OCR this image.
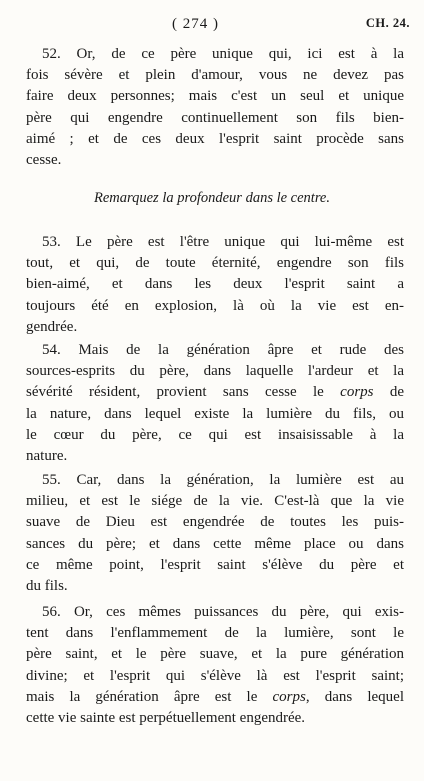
( 274 )	CH. 24.
52. Or, de ce père unique qui, ici est à la
fois sévère et plein d'amour, vous ne devez pas
faire deux personnes; mais c'est un seul et unique
père qui engendre continuellement son fils bien-
aimé ; et de ces deux l'esprit saint procède sans
cesse.
Remarquez la profondeur dans le centre.
53. Le père est l'être unique qui lui-même est
tout, et qui, de toute éternité, engendre son fils
bien-aimé, et dans les deux l'esprit saint a
toujours été en explosion, là où la vie est en-
gendrée.
54. Mais de la génération âpre et rude des
sources-esprits du père, dans laquelle l'ardeur et la
sévérité résident, provient sans cesse le corps de
la nature, dans lequel existe la lumière du fils, ou
le cœur du père, ce qui est insaisissable à la
nature.
55. Car, dans la génération, la lumière est au
milieu, et est le siége de la vie. C'est-là que la vie
suave de Dieu est engendrée de toutes les puis-
sances du père; et dans cette même place ou dans
ce même point, l'esprit saint s'élève du père et
du fils.
56. Or, ces mêmes puissances du père, qui exis-
tent dans l'enflammement de la lumière, sont le
père saint, et le père suave, et la pure génération
divine; et l'esprit qui s'élève là est l'esprit saint;
mais la génération âpre est le corps, dans lequel
cette vie sainte est perpétuellement engendrée.
